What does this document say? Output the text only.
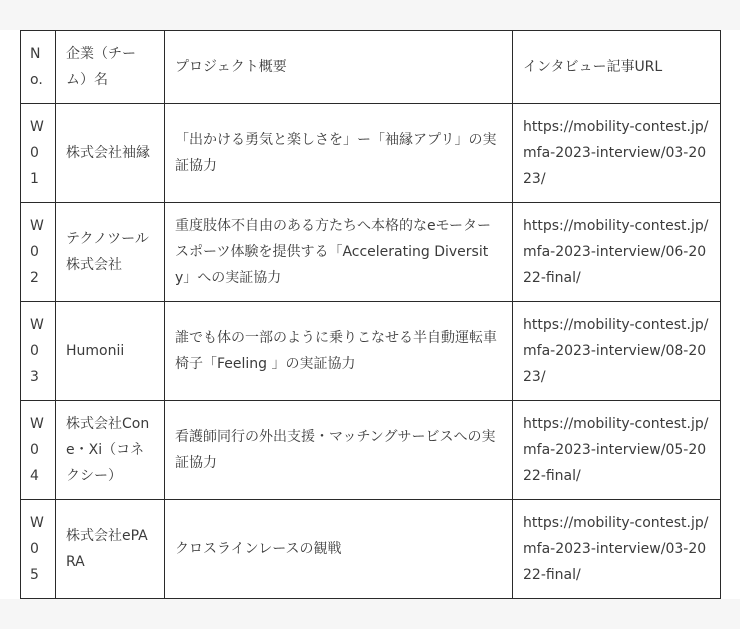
No.	企業（チーム）名	プロジェクト概要	インタビュー記事URL
W01	株式会社袖縁	「出かける勇気と楽しさを」ー「袖縁アプリ」の実証協力	https://mobility-contest.jp/mfa-2023-interview/03-2023/
W02	テクノツール株式会社	重度肢体不自由のある方たちへ本格的なeモータースポーツ体験を提供する「Accelerating Diversity」への実証協力	https://mobility-contest.jp/mfa-2023-interview/06-2022-final/
W03	Humonii	誰でも体の一部のように乗りこなせる半自動運転車椅子「Feeling 」の実証協力	https://mobility-contest.jp/mfa-2023-interview/08-2023/
W04	株式会社Cone・Xi（コネクシー）	看護師同行の外出支援・マッチングサービスへの実証協力	https://mobility-contest.jp/mfa-2023-interview/05-2022-final/
W05	株式会社ePARA	クロスラインレースの観戦	https://mobility-contest.jp/mfa-2023-interview/03-2022-final/
